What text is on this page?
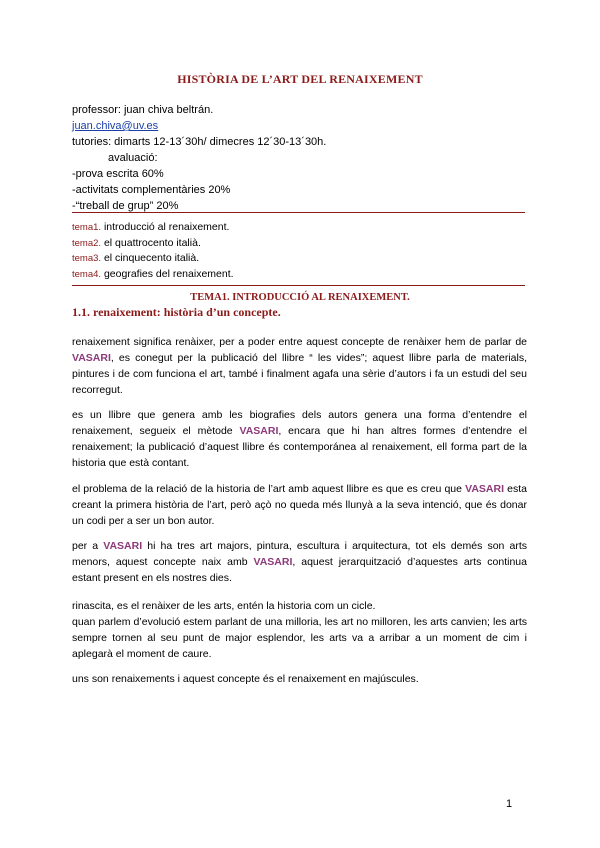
HISTÒRIA DE L’ART DEL RENAIXEMENT
professor: juan chiva beltrán.
juan.chiva@uv.es
tutories: dimarts 12-13´30h/ dimecres 12´30-13´30h.
avaluació:
-prova escrita 60%
-activitats complementàries 20%
-“treball de grup” 20%
tema1. introducció al renaixement.
tema2. el quattrocento italià.
tema3. el cinquecento italià.
tema4. geografies del renaixement.
TEMA1. INTRODUCCIÓ AL RENAIXEMENT.
1.1. renaixement: història d’un concepte.
renaixement significa renàixer, per a poder entre aquest concepte de renàixer hem de parlar de VASARI, es conegut per la publicació del llibre “ les vides”; aquest llibre parla de materials, pintures i de com funciona el art, també i finalment agafa una sèrie d’autors i fa un estudi del seu recorregut.
es un llibre que genera amb les biografies dels autors genera una forma d’entendre el renaixement, segueix el mètode VASARI, encara que hi han altres formes d’entendre el renaixement; la publicació d’aquest llibre és contemporánea al renaixement, ell forma part de la historia que està contant.
el problema de la relació de la historia de l’art amb aquest llibre es que es creu que VASARI esta creant la primera història de l’art, però açò no queda més llunyà a la seva intenció, que és donar un codi per a ser un bon autor.
per a VASARI hi ha tres art majors, pintura, escultura i arquitectura, tot els demés son arts menors, aquest concepte naix amb VASARI, aquest jerarquització d’aquestes arts continua estant present en els nostres dies.
rinascita, es el renàixer de les arts, entén la historia com un cicle.
quan parlem d’evolució estem parlant de una milloria, les art no milloren, les arts canvien; les arts sempre tornen al seu punt de major esplendor, les arts va a arribar a un moment de cim i aplegarà el moment de caure.
uns son renaixements i aquest concepte és el renaixement en majúscules.
1
